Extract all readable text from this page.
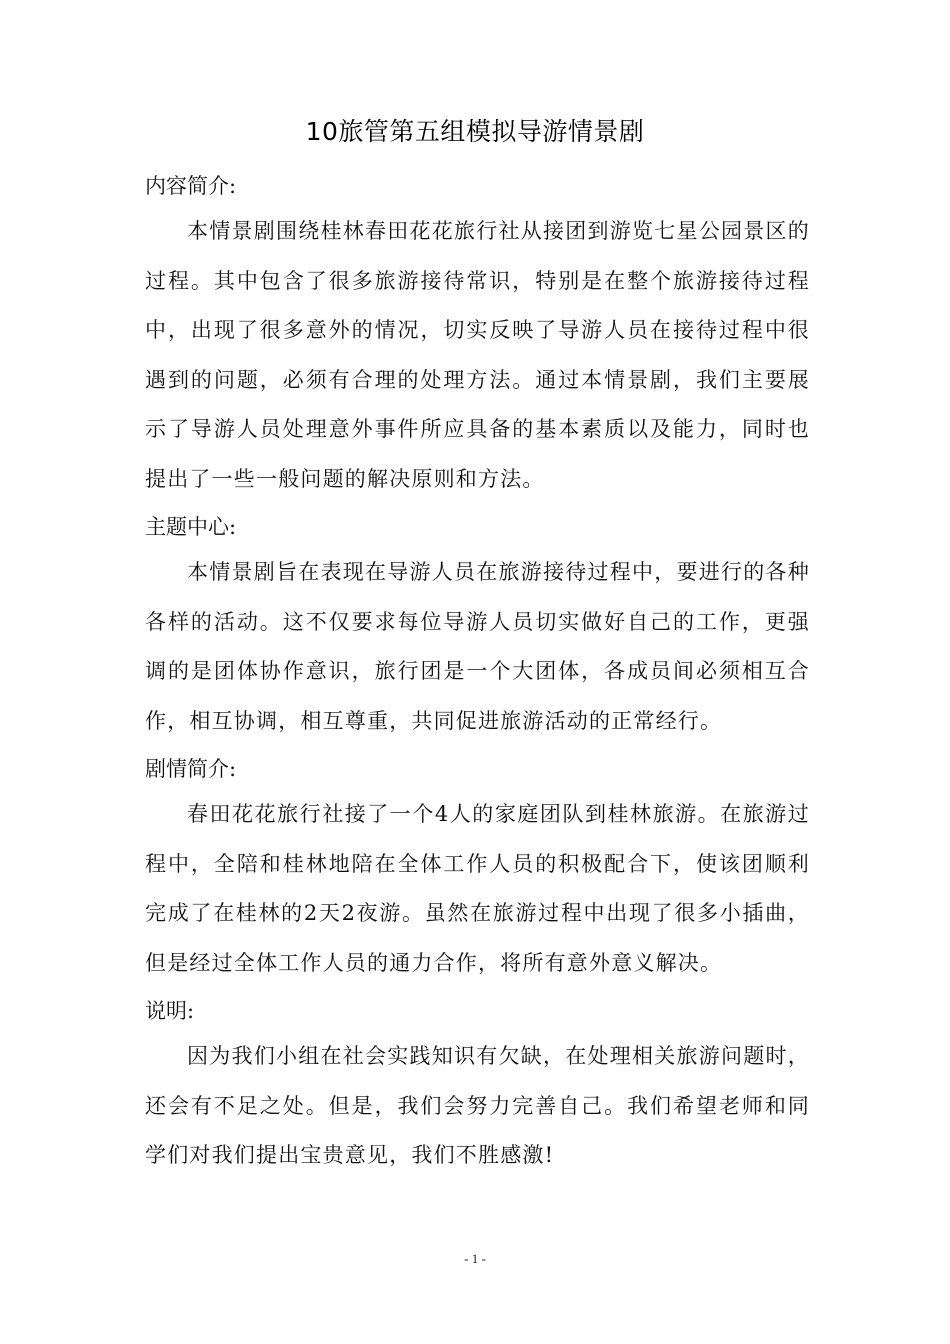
10旅管第五组模拟导游情景剧

内容简介:

本情景剧围绕桂林春田花花旅行社从接团到游览七星公园景区的过程。其中包含了很多旅游接待常识，特别是在整个旅游接待过程中，出现了很多意外的情况，切实反映了导游人员在接待过程中很遇到的问题，必须有合理的处理方法。通过本情景剧，我们主要展示了导游人员处理意外事件所应具备的基本素质以及能力，同时也提出了一些一般问题的解决原则和方法。

主题中心:

本情景剧旨在表现在导游人员在旅游接待过程中，要进行的各种各样的活动。这不仅要求每位导游人员切实做好自己的工作，更强调的是团体协作意识，旅行团是一个大团体，各成员间必须相互合作，相互协调，相互尊重，共同促进旅游活动的正常经行。

剧情简介:

春田花花旅行社接了一个4人的家庭团队到桂林旅游。在旅游过程中，全陪和桂林地陪在全体工作人员的积极配合下，使该团顺利完成了在桂林的2天2夜游。虽然在旅游过程中出现了很多小插曲，但是经过全体工作人员的通力合作，将所有意外意义解决。

说明:

因为我们小组在社会实践知识有欠缺，在处理相关旅游问题时，还会有不足之处。但是，我们会努力完善自己。我们希望老师和同学们对我们提出宝贵意见，我们不胜感激!

- 1 -
